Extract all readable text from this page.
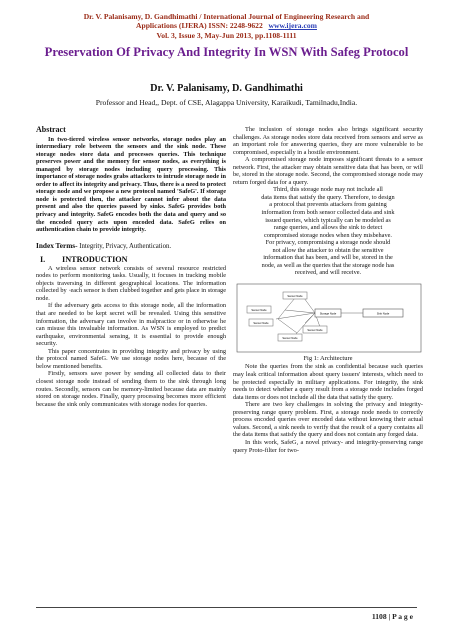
Dr. V. Palanisamy, D. Gandhimathi / International Journal of Engineering Research and
Applications (IJERA) ISSN: 2248-9622 www.ijera.com
Vol. 3, Issue 3, May-Jun 2013, pp.1108-1111
Preservation Of Privacy And Integrity In WSN With Safeg Protocol
Dr. V. Palanisamy, D. Gandhimathi
Professor and Head,, Dept. of CSE, Alagappa University, Karaikudi, Tamilnadu,India.
Abstract

In two-tiered wireless sensor networks, storage nodes play an intermediary role between the sensors and the sink node. These storage nodes store data and processes queries. This technique preserves power and the memory for sensor nodes, as everything is managed by storage nodes including query processing. This importance of storage nodes grabs attackers to intrude storage node in order to affect its integrity and privacy. Thus, there is a need to protect storage node and we propose a new protocol named 'SafeG'. If storage node is protected then, the attacker cannot infer about the data present and also the queries passed by sinks. SafeG provides both privacy and integrity. SafeG encodes both the data and query and so the encoded query acts upon encoded data. SafeG relies on authentication chain to provide integrity.

Index Terms- Integrity, Privacy, Authentication.
I. INTRODUCTION

A wireless sensor network consists of several resource restricted nodes to perform monitoring tasks. Usually, it focuses in tracking mobile objects traversing in different geographical locations. The information collected by ·each sensor is then clubbed together and gets place in storage node.

If the adversary gets access to this storage node, all the information that are needed to be kept secret will be revealed. Using this sensitive information, the adversary can involve in malpractice or in otherwise he can misuse this invaluable information. As WSN is employed to predict earthquake, environmental sensing, it is essential to provide enough security.

This paper concentrates in providing integrity and privacy by using the protocol named SafeG. We use storage nodes here, because of the below mentioned benefits.

Firstly, sensors save power by sending all collected data to their closest storage node instead of sending them to the sink through long routes. Secondly, sensors can be memory-limited because data are mainly stored on storage nodes. Finally, query processing becomes more efficient because the sink only communicates with storage nodes for queries.

The inclusion of storage nodes also brings significant security challenges. As storage nodes store data received from sensors and serve as an important role for answering queries, they are more vulnerable to be compromised, especially in a hostile environment.

A compromised storage node imposes significant threats to a sensor network. First, the attacker may obtain sensitive data that has been, or will be, stored in the storage node. Second, the compromised storage node may return forged data for a query.

Third, this storage node may not include all
data items that satisfy the query. Therefore, to design
a protocol that prevents attackers from gaining
information from both sensor collected data and sink
issued queries, which typically can be modeled as
range queries, and allows the sink to detect
compromised storage nodes when they misbehave.
For privacy, compromising a storage node should
not allow the attacker to obtain the sensitive
information that has been, and will be, stored in the
node, as well as the queries that the storage node has
received, and will receive.
Sensor Node
Sensor Node
Sensor Node
Sensor Node
Sensor Node
Storage Node	Sink Node
Fig 1: Architecture

Note the queries from the sink as confidential because such queries may leak critical information about query issuers' interests, which need to be protected especially in military applications. For integrity, the sink needs to detect whether a query result from a storage node includes forged data items or does not include all the data that satisfy the query.

There are two key challenges in solving the privacy and integrity- preserving range query problem. First, a storage node needs to correctly process encoded queries over encoded data without knowing their actual values. Second, a sink needs to verify that the result of a query contains all the data items that satisfy the query and does not contain any forged data.

In this work, SafeG, a novel privacy- and integrity-preserving range query Proto-filter for two-

1108 | P a g e
